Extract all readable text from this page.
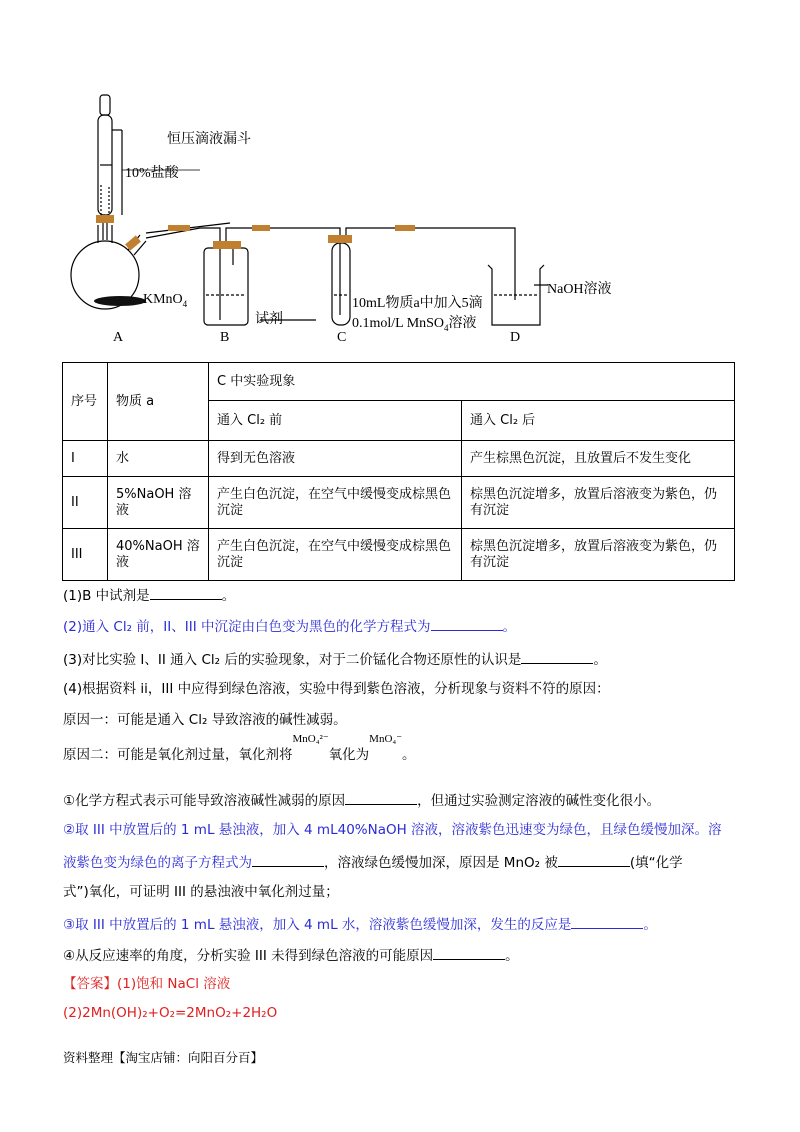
恒压滴液漏斗
10%盐酸
KMnO$_4$
试剂
10mL物质a中加入5滴
0.1mol/L MnSO$_4$溶液
NaOH溶液
A	B	C	D
序号	物质 a	C 中实验现象	
		通入 Cl₂ 前	通入 Cl₂ 后
I	水	得到无色溶液	产生棕黑色沉淀，且放置后不发生变化
II	5%NaOH 溶液	产生白色沉淀，在空气中缓慢变成棕黑色沉淀	棕黑色沉淀增多，放置后溶液变为紫色，仍有沉淀
III	40%NaOH 溶液	产生白色沉淀，在空气中缓慢变成棕黑色沉淀	棕黑色沉淀增多，放置后溶液变为紫色，仍有沉淀
(1)B 中试剂是	。
(2)通入 Cl₂ 前，II、III 中沉淀由白色变为黑色的化学方程式为	。
(3)对比实验 I、II 通入 Cl₂ 后的实验现象，对于二价锰化合物还原性的认识是	。
(4)根据资料 ii，III 中应得到绿色溶液，实验中得到紫色溶液，分析现象与资料不符的原因：
原因一：可能是通入 Cl₂ 导致溶液的碱性减弱。
原因二：可能是氧化剂过量，氧化剂将MnO₄²⁻氧化为MnO₄⁻。
①化学方程式表示可能导致溶液碱性减弱的原因	，但通过实验测定溶液的碱性变化很小。
②取 III 中放置后的 1 mL 悬浊液，加入 4 mL40%NaOH 溶液，溶液紫色迅速变为绿色，且绿色缓慢加深。溶
液紫色变为绿色的离子方程式为	，溶液绿色缓慢加深，原因是 MnO₂ 被	(填“化学
式”)氧化，可证明 III 的悬浊液中氧化剂过量；
③取 III 中放置后的 1 mL 悬浊液，加入 4 mL 水，溶液紫色缓慢加深，发生的反应是	。
④从反应速率的角度，分析实验 III 未得到绿色溶液的可能原因	。
【答案】(1)饱和 NaCl 溶液
(2)2Mn(OH)₂+O₂=2MnO₂+2H₂O
资料整理【淘宝店铺：向阳百分百】
